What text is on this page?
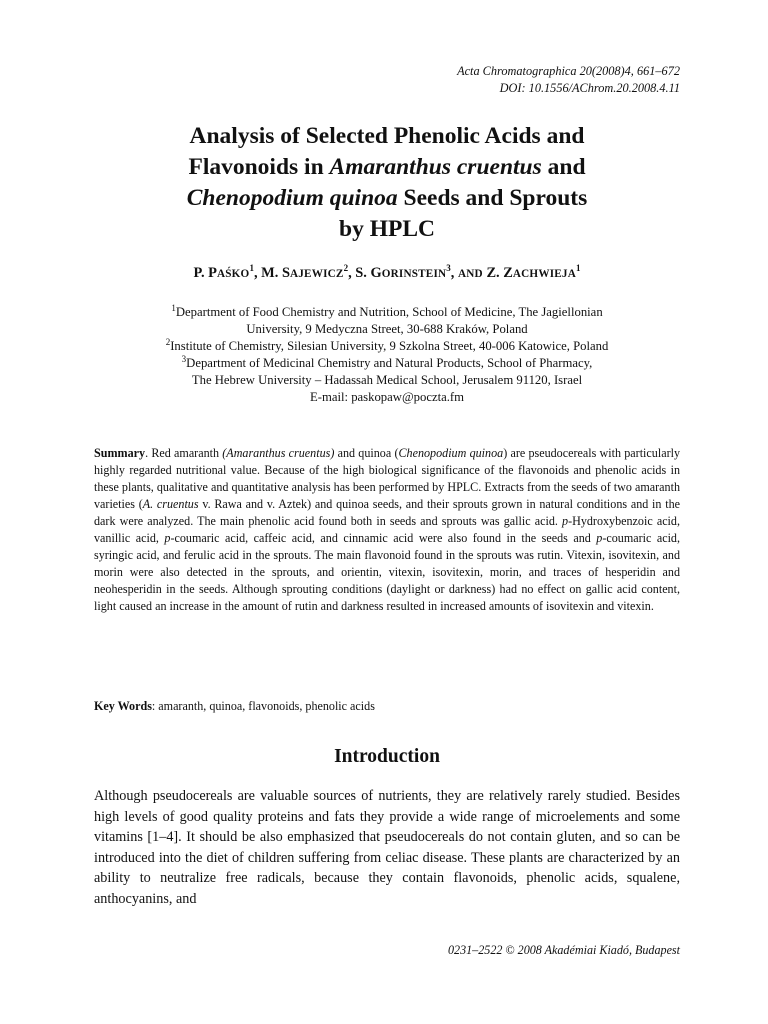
Acta Chromatographica 20(2008)4, 661–672
DOI: 10.1556/AChrom.20.2008.4.11
Analysis of Selected Phenolic Acids and
Flavonoids in Amaranthus cruentus and
Chenopodium quinoa Seeds and Sprouts
by HPLC
P. PAŚKO$^1$, M. SAJEWICZ$^2$, S. GORINSTEIN$^3$, AND Z. ZACHWIEJA$^1$
$^1$Department of Food Chemistry and Nutrition, School of Medicine, The Jagiellonian
University, 9 Medyczna Street, 30-688 Kraków, Poland
$^2$Institute of Chemistry, Silesian University, 9 Szkolna Street, 40-006 Katowice, Poland
$^3$Department of Medicinal Chemistry and Natural Products, School of Pharmacy,
The Hebrew University – Hadassah Medical School, Jerusalem 91120, Israel
E-mail: paskopaw@poczta.fm

Summary. Red amaranth (Amaranthus cruentus) and quinoa (Chenopodium quinoa) are pseudocereals with particularly highly regarded nutritional value. Because of the high biological significance of the flavonoids and phenolic acids in these plants, qualitative and quantitative analysis has been performed by HPLC. Extracts from the seeds of two amaranth varieties (A. cruentus v. Rawa and v. Aztek) and quinoa seeds, and their sprouts grown in natural conditions and in the dark were analyzed. The main phenolic acid found both in seeds and sprouts was gallic acid. p-Hydroxybenzoic acid, vanillic acid, p-coumaric acid, caffeic acid, and cinnamic acid were also found in the seeds and p-coumaric acid, syringic acid, and ferulic acid in the sprouts. The main flavonoid found in the sprouts was rutin. Vitexin, isovitexin, and morin were also detected in the sprouts, and orientin, vitexin, isovitexin, morin, and traces of hesperidin and neohesperidin in the seeds. Although sprouting conditions (daylight or darkness) had no effect on gallic acid content, light caused an increase in the amount of rutin and darkness resulted in increased amounts of isovitexin and vitexin.

Key Words: amaranth, quinoa, flavonoids, phenolic acids
Introduction

Although pseudocereals are valuable sources of nutrients, they are relatively rarely studied. Besides high levels of good quality proteins and fats they provide a wide range of microelements and some vitamins [1–4]. It should be also emphasized that pseudocereals do not contain gluten, and so can be introduced into the diet of children suffering from celiac disease. These plants are characterized by an ability to neutralize free radicals, because they contain flavonoids, phenolic acids, squalene, anthocyanins, and

0231–2522 © 2008 Akadémiai Kiadó, Budapest
